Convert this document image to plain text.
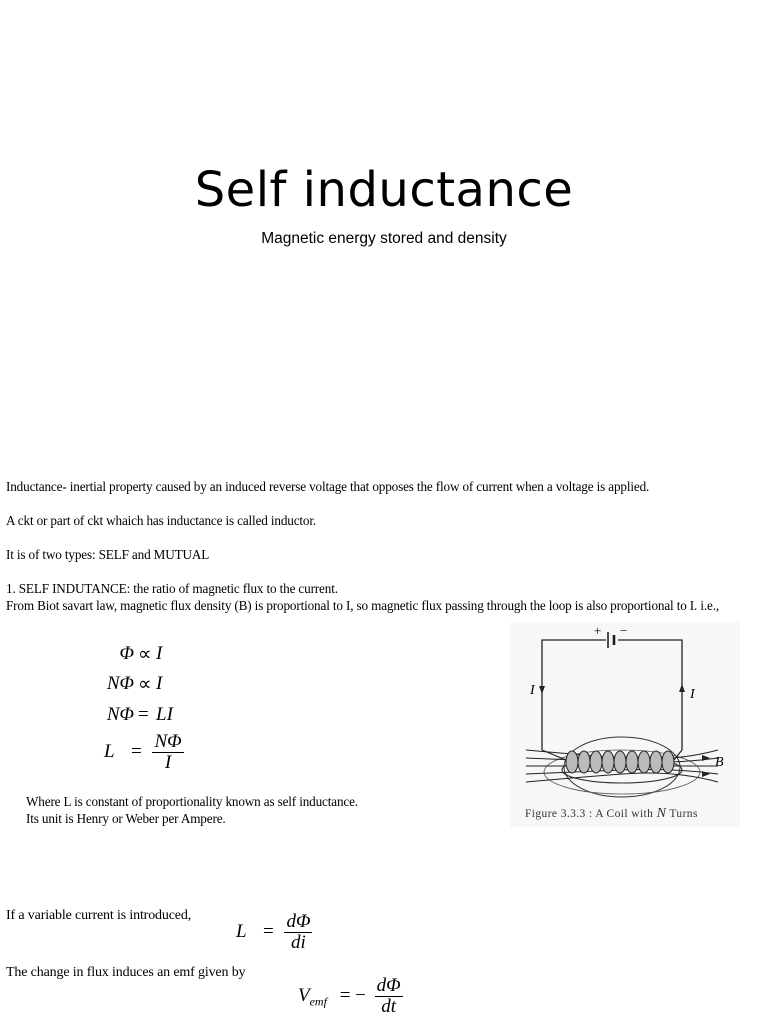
Self inductance
Magnetic energy stored and density
Inductance- inertial property caused by an induced reverse voltage that opposes the flow of current when a voltage is applied.
A ckt or part of ckt whaich has inductance is called inductor.
It is of two types: SELF and MUTUAL
1. SELF INDUTANCE: the ratio of magnetic flux to the current.
From Biot savart law, magnetic flux density (B) is proportional to I, so magnetic flux passing through the loop is also proportional to I. i.e.,
Φ ∝ I
NΦ ∝ I
NΦ = LI
$L = \frac{N\Phi}{I}$
Where L is constant of proportionality known as self inductance.
Its unit is Henry or Weber per Ampere.
+ −
I	I
B
Figure 3.3.3 : A Coil with N Turns
If a variable current is introduced,
$L = \frac{d\Phi}{di}$
The change in flux induces an emf given by
$V_{emf}$ = − $\frac{d\Phi}{dt}$
